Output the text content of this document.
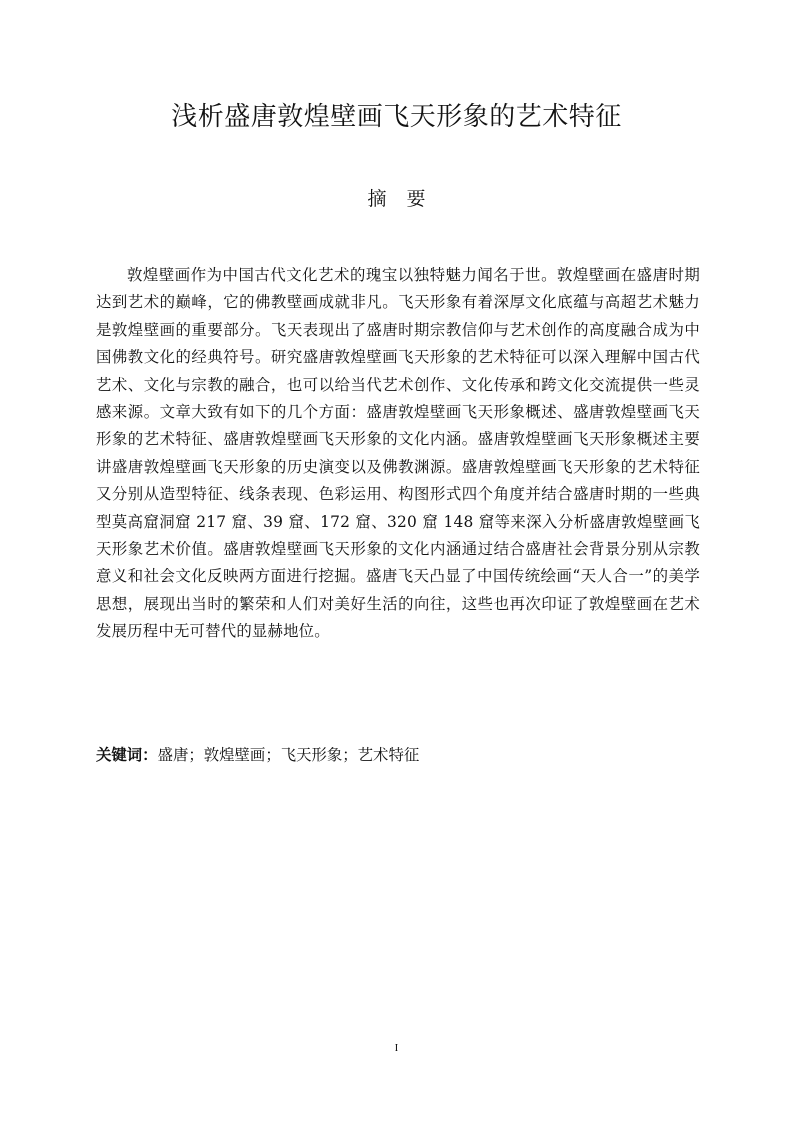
浅析盛唐敦煌壁画飞天形象的艺术特征
摘要

敦煌壁画作为中国古代文化艺术的瑰宝以独特魅力闻名于世。敦煌壁画在盛唐时期达到艺术的巅峰，它的佛教壁画成就非凡。飞天形象有着深厚文化底蕴与高超艺术魅力是敦煌壁画的重要部分。飞天表现出了盛唐时期宗教信仰与艺术创作的高度融合成为中国佛教文化的经典符号。研究盛唐敦煌壁画飞天形象的艺术特征可以深入理解中国古代艺术、文化与宗教的融合，也可以给当代艺术创作、文化传承和跨文化交流提供一些灵感来源。文章大致有如下的几个方面：盛唐敦煌壁画飞天形象概述、盛唐敦煌壁画飞天形象的艺术特征、盛唐敦煌壁画飞天形象的文化内涵。盛唐敦煌壁画飞天形象概述主要讲盛唐敦煌壁画飞天形象的历史演变以及佛教渊源。盛唐敦煌壁画飞天形象的艺术特征又分别从造型特征、线条表现、色彩运用、构图形式四个角度并结合盛唐时期的一些典型莫高窟洞窟 217 窟、39 窟、172 窟、320 窟 148 窟等来深入分析盛唐敦煌壁画飞天形象艺术价值。盛唐敦煌壁画飞天形象的文化内涵通过结合盛唐社会背景分别从宗教意义和社会文化反映两方面进行挖掘。盛唐飞天凸显了中国传统绘画“天人合一”的美学思想，展现出当时的繁荣和人们对美好生活的向往，这些也再次印证了敦煌壁画在艺术发展历程中无可替代的显赫地位。

关键词：盛唐；敦煌壁画；飞天形象；艺术特征

I
